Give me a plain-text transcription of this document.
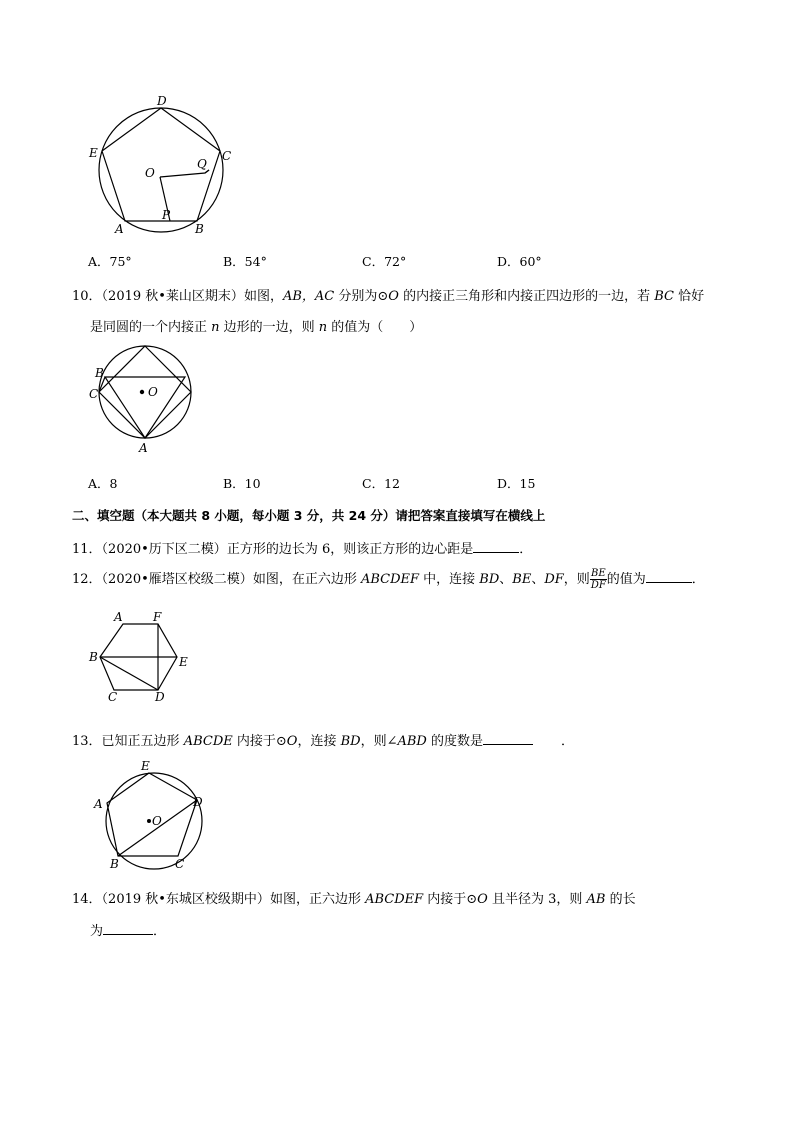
D
E	C
O
Q
P
A	B
A．75°	B．54°	C．72°	D．60°
10．（2019 秋•莱山区期末）如图，AB，AC 分别为⊙O 的内接正三角形和内接正四边形的一边，若 BC 恰好
是同圆的一个内接正 n 边形的一边，则 n 的值为（　　）
B
C	O
A
A．8	B．10	C．12	D．15
二、填空题（本大题共 8 小题，每小题 3 分，共 24 分）请把答案直接填写在横线上
11．（2020•历下区二模）正方形的边长为 6，则该正方形的边心距是	．
12．（2020•雁塔区校级二模）如图，在正六边形 ABCDEF 中，连接 BD、BE、DF，则 $\frac{BE}{DF}$ 的值为	．
A	F
B	E
C	D
13．已知正五边形 ABCDE 内接于⊙O，连接 BD，则∠ABD 的度数是	．
E
A	D
O
B	C
14．（2019 秋•东城区校级期中）如图，正六边形 ABCDEF 内接于⊙O 且半径为 3，则 AB 的长
为	．
